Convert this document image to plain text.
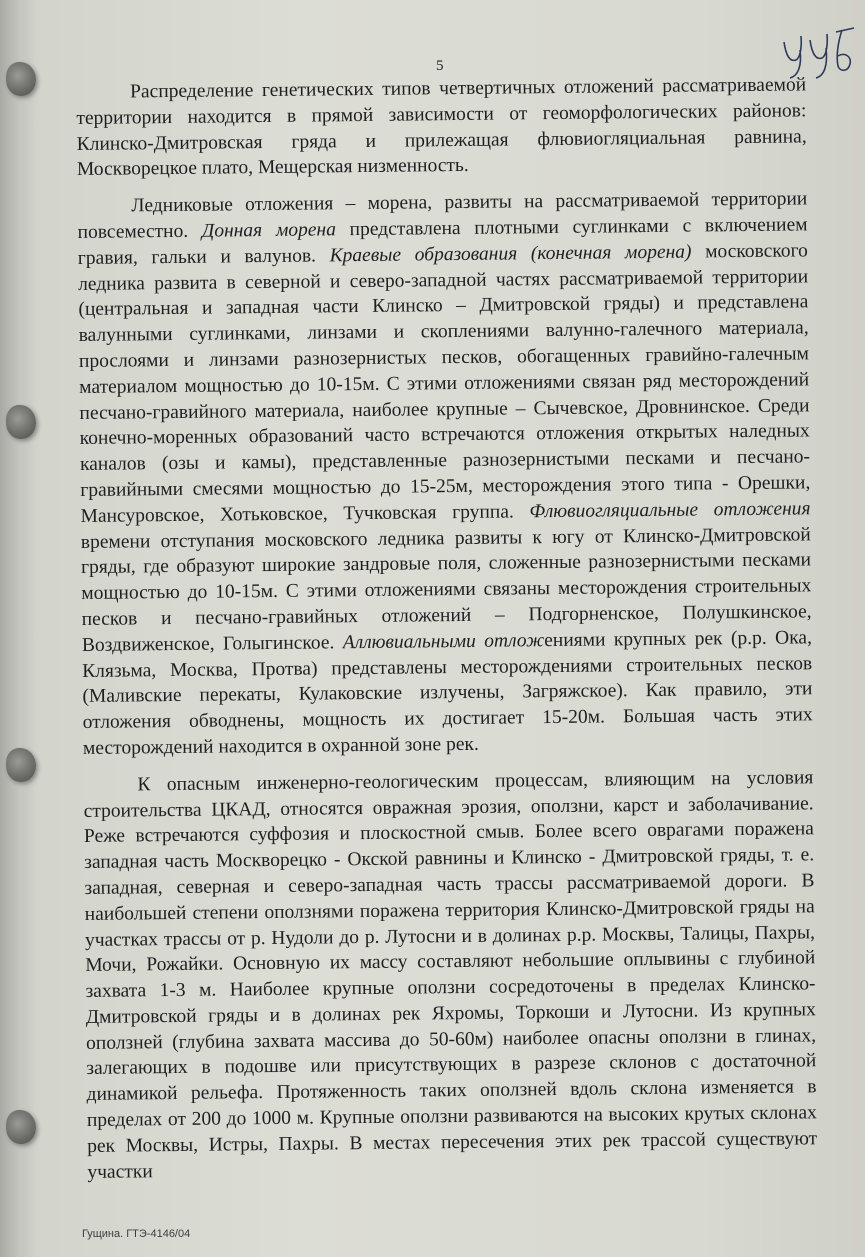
5

Распределение генетических типов четвертичных отложений рассматриваемой территории находится в прямой зависимости от геоморфологических районов: Клинско-Дмитровская гряда и прилежащая флювиогляциальная равнина, Москворецкое плато, Мещерская низменность.

Ледниковые отложения – морена, развиты на рассматриваемой территории повсеместно. Донная морена представлена плотными суглинками с включением гравия, гальки и валунов. Краевые образования (конечная морена) московского ледника развита в северной и северо-западной частях рассматриваемой территории (центральная и западная части Клинско – Дмитровской гряды) и представлена валунными суглинками, линзами и скоплениями валунно-галечного материала, прослоями и линзами разнозернистых песков, обогащенных гравийно-галечным материалом мощностью до 10-15м. С этими отложениями связан ряд месторождений песчано-гравийного материала, наиболее крупные – Сычевское, Дровнинское. Среди конечно-моренных образований часто встречаются отложения открытых наледных каналов (озы и камы), представленные разнозернистыми песками и песчано-гравийными смесями мощностью до 15-25м, месторождения этого типа - Орешки, Мансуровское, Хотьковское, Тучковская группа. Флювиогляциальные отложения времени отступания московского ледника развиты к югу от Клинско-Дмитровской гряды, где образуют широкие зандровые поля, сложенные разнозернистыми песками мощностью до 10-15м. С этими отложениями связаны месторождения строительных песков и песчано-гравийных отложений – Подгорненское, Полушкинское, Воздвиженское, Голыгинское. Аллювиальными отложениями крупных рек (р.р. Ока, Клязьма, Москва, Протва) представлены месторождениями строительных песков (Маливские перекаты, Кулаковские излучены, Загряжское). Как правило, эти отложения обводнены, мощность их достигает 15-20м. Большая часть этих месторождений находится в охранной зоне рек.

К опасным инженерно-геологическим процессам, влияющим на условия строительства ЦКАД, относятся овражная эрозия, оползни, карст и заболачивание. Реже встречаются суффозия и плоскостной смыв. Более всего оврагами поражена западная часть Москворецко - Окской равнины и Клинско - Дмитровской гряды, т. е. западная, северная и северо-западная часть трассы рассматриваемой дороги. В наибольшей степени оползнями поражена территория Клинско-Дмитровской гряды на участках трассы от р. Нудоли до р. Лутосни и в долинах р.р. Москвы, Талицы, Пахры, Мочи, Рожайки. Основную их массу составляют небольшие оплывины с глубиной захвата 1-3 м. Наиболее крупные оползни сосредоточены в пределах Клинско-Дмитровской гряды и в долинах рек Яхромы, Торкоши и Лутосни. Из крупных оползней (глубина захвата массива до 50-60м) наиболее опасны оползни в глинах, залегающих в подошве или присутствующих в разрезе склонов с достаточной динамикой рельефа. Протяженность таких оползней вдоль склона изменяется в пределах от 200 до 1000 м. Крупные оползни развиваются на высоких крутых склонах рек Москвы, Истры, Пахры. В местах пересечения этих рек трассой существуют участки

Гущина. ГТЭ-4146/04
